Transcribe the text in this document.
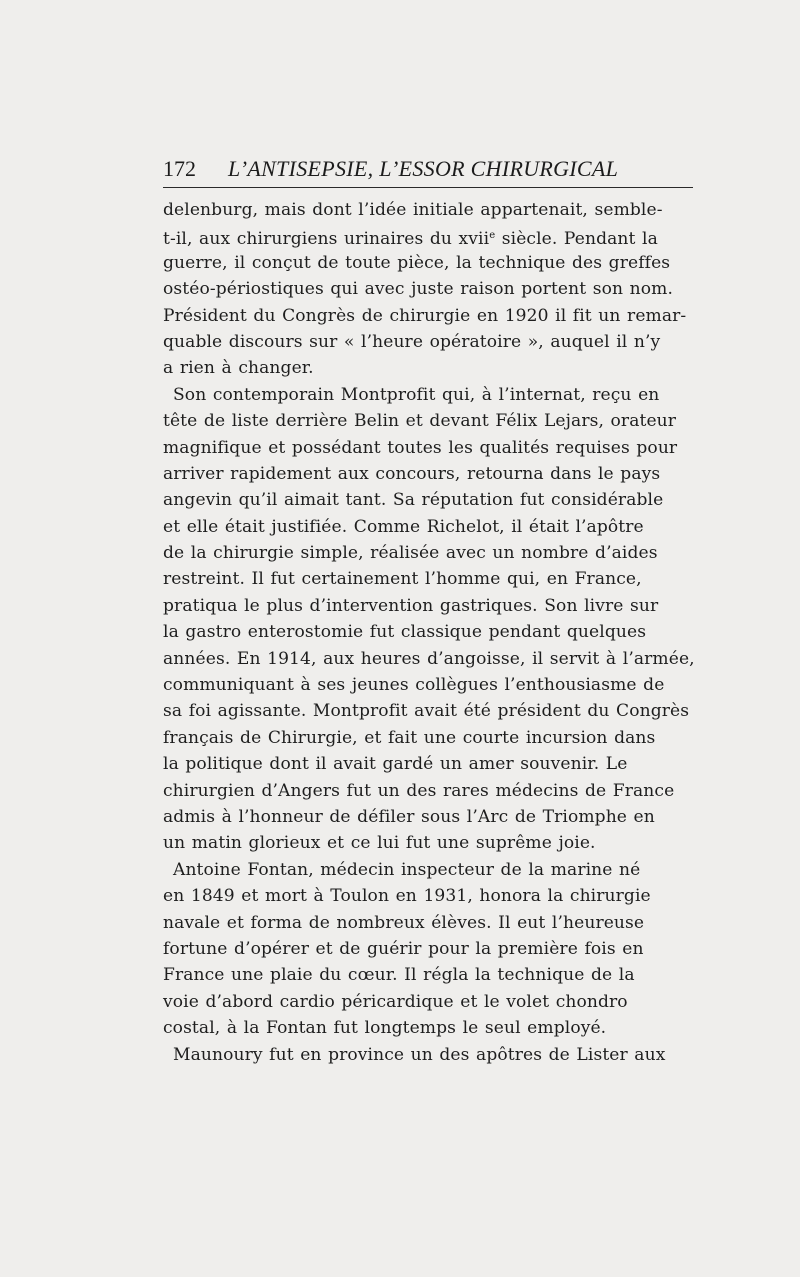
172 L’ANTISEPSIE, L’ESSOR CHIRURGICAL
delenburg, mais dont l’idée initiale appartenait, semble-
t-il, aux chirurgiens urinaires du xvii$^e$ siècle. Pendant la
guerre, il conçut de toute pièce, la technique des greffes
ostéo-périostiques qui avec juste raison portent son nom.
Président du Congrès de chirurgie en 1920 il fit un remar-
quable discours sur « l’heure opératoire », auquel il n’y
a rien à changer.
Son contemporain Montprofit qui, à l’internat, reçu en
tête de liste derrière Belin et devant Félix Lejars, orateur
magnifique et possédant toutes les qualités requises pour
arriver rapidement aux concours, retourna dans le pays
angevin qu’il aimait tant. Sa réputation fut considérable
et elle était justifiée. Comme Richelot, il était l’apôtre
de la chirurgie simple, réalisée avec un nombre d’aides
restreint. Il fut certainement l’homme qui, en France,
pratiqua le plus d’intervention gastriques. Son livre sur
la gastro enterostomie fut classique pendant quelques
années. En 1914, aux heures d’angoisse, il servit à l’armée,
communiquant à ses jeunes collègues l’enthousiasme de
sa foi agissante. Montprofit avait été président du Congrès
français de Chirurgie, et fait une courte incursion dans
la politique dont il avait gardé un amer souvenir. Le
chirurgien d’Angers fut un des rares médecins de France
admis à l’honneur de défiler sous l’Arc de Triomphe en
un matin glorieux et ce lui fut une suprême joie.
Antoine Fontan, médecin inspecteur de la marine né
en 1849 et mort à Toulon en 1931, honora la chirurgie
navale et forma de nombreux élèves. Il eut l’heureuse
fortune d’opérer et de guérir pour la première fois en
France une plaie du cœur. Il régla la technique de la
voie d’abord cardio péricardique et le volet chondro
costal, à la Fontan fut longtemps le seul employé.
Maunoury fut en province un des apôtres de Lister aux
